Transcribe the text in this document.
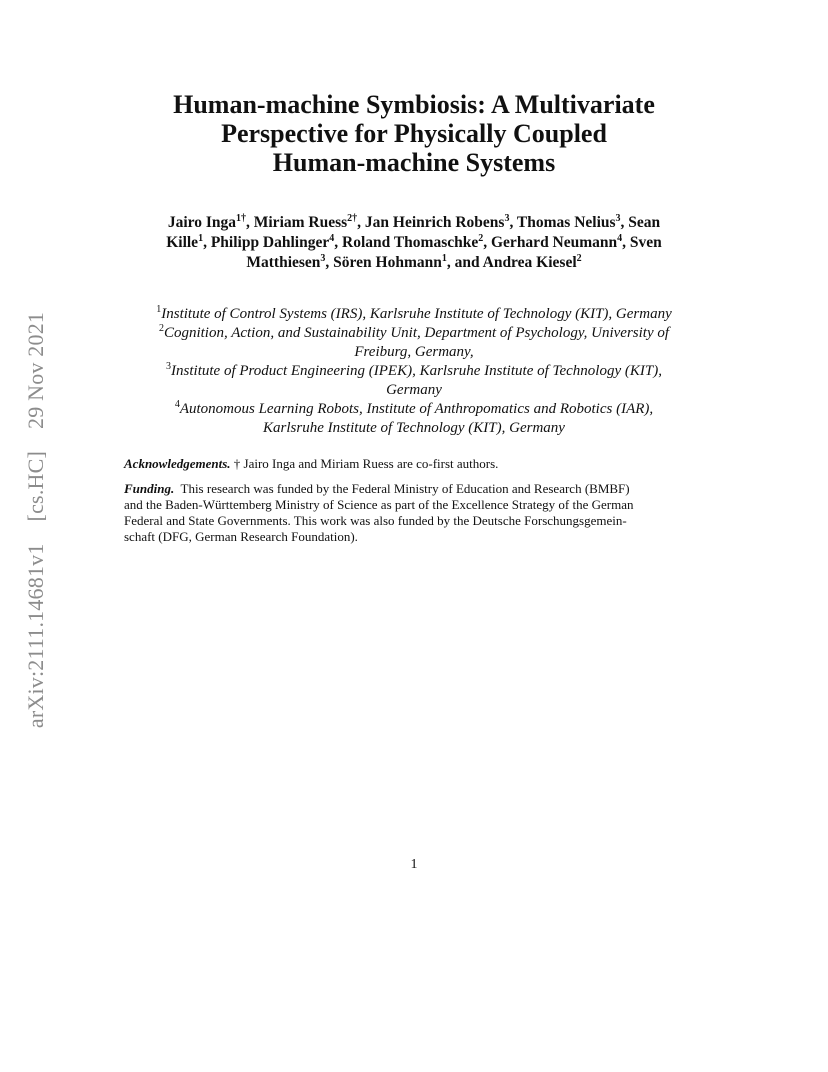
arXiv:2111.14681v1[cs.HC]29 Nov 2021
Human-machine Symbiosis: A Multivariate
Perspective for Physically Coupled
Human-machine Systems
Jairo Inga$^{1\dagger}$, Miriam Ruess$^{2\dagger}$, Jan Heinrich Robens$^3$, Thomas Nelius$^3$, Sean
Kille$^1$, Philipp Dahlinger$^4$, Roland Thomaschke$^2$, Gerhard Neumann$^4$, Sven
Matthiesen$^3$, Sören Hohmann$^1$, and Andrea Kiesel$^2$
$^1$Institute of Control Systems (IRS), Karlsruhe Institute of Technology (KIT), Germany
$^2$Cognition, Action, and Sustainability Unit, Department of Psychology, University of
Freiburg, Germany,
$^3$Institute of Product Engineering (IPEK), Karlsruhe Institute of Technology (KIT),
Germany
$^4$Autonomous Learning Robots, Institute of Anthropomatics and Robotics (IAR),
Karlsruhe Institute of Technology (KIT), Germany

Acknowledgements. † Jairo Inga and Miriam Ruess are co-first authors.

Funding. This research was funded by the Federal Ministry of Education and Research (BMBF)
and the Baden-Württemberg Ministry of Science as part of the Excellence Strategy of the German
Federal and State Governments. This work was also funded by the Deutsche Forschungsgemein-
schaft (DFG, German Research Foundation).

1
